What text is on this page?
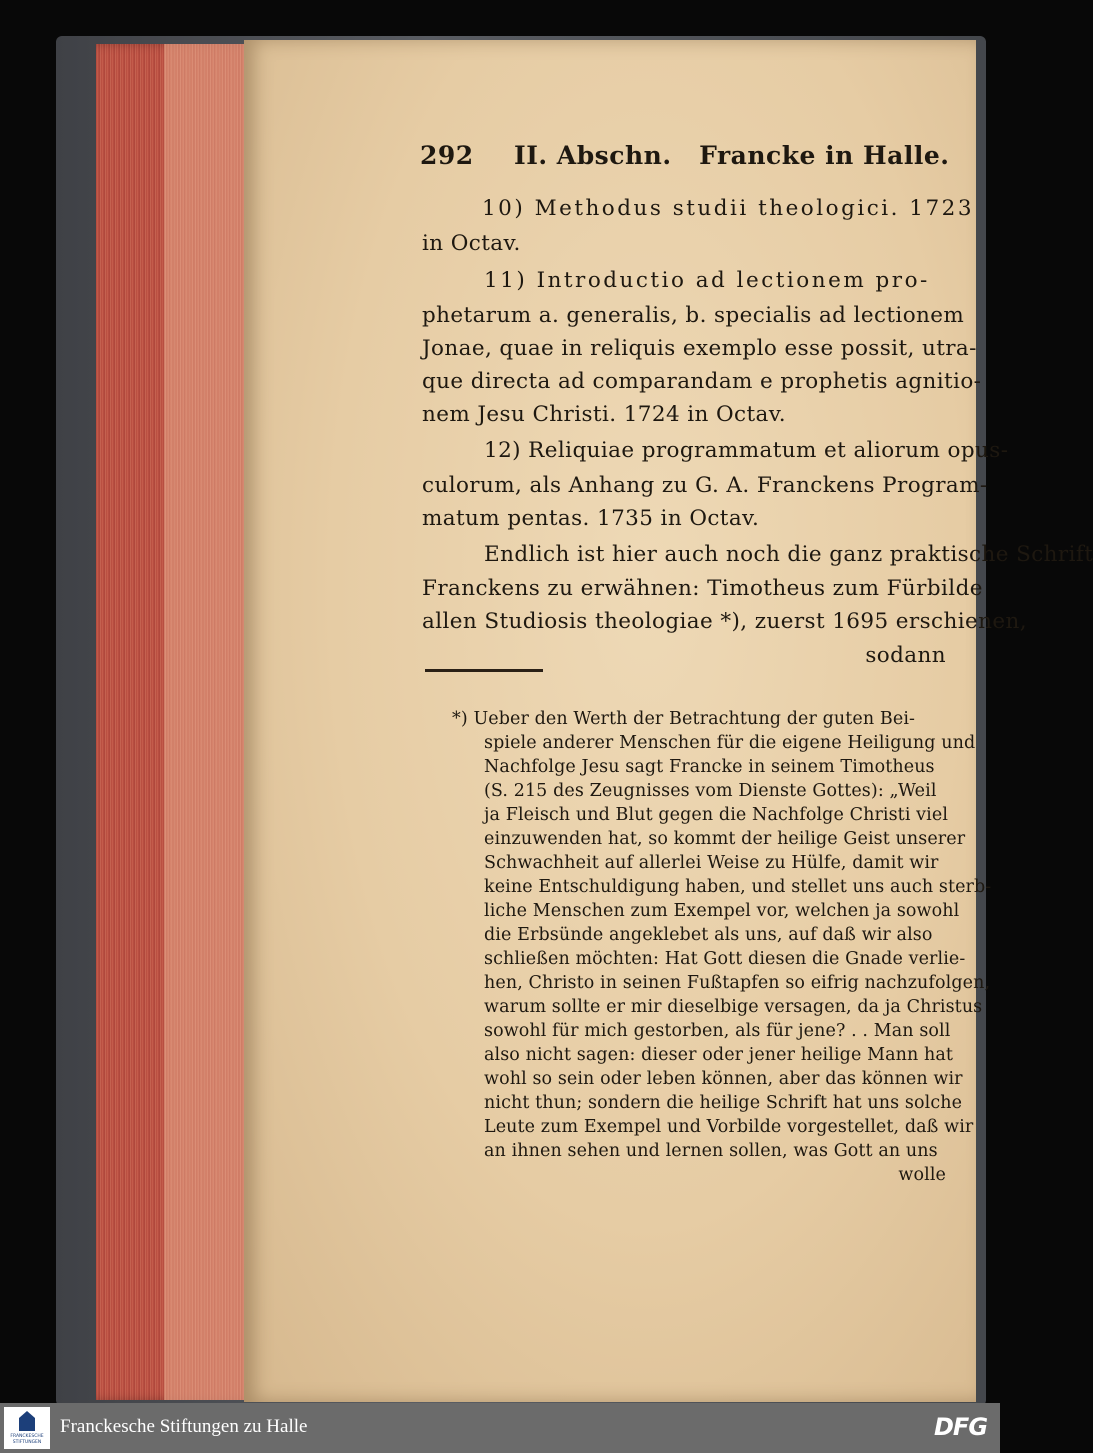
292 II. Abschn.   Francke in Halle.
10) Methodus studii theologici. 1723
in Octav.
11) Introductio ad lectionem pro-
phetarum a. generalis, b. specialis ad lectionem
Jonae, quae in reliquis exemplo esse possit, utra-
que directa ad comparandam e prophetis agnitio-
nem Jesu Christi. 1724 in Octav.
12) Reliquiae programmatum et aliorum opus-
culorum, als Anhang zu G. A. Franckens Program-
matum pentas. 1735 in Octav.
Endlich ist hier auch noch die ganz praktische Schrift
Franckens zu erwähnen: Timotheus zum Fürbilde
allen Studiosis theologiae *), zuerst 1695 erschienen,
sodann
*) Ueber den Werth der Betrachtung der guten Bei-
spiele anderer Menschen für die eigene Heiligung und
Nachfolge Jesu sagt Francke in seinem Timotheus
(S. 215 des Zeugnisses vom Dienste Gottes): „Weil
ja Fleisch und Blut gegen die Nachfolge Christi viel
einzuwenden hat, so kommt der heilige Geist unserer
Schwachheit auf allerlei Weise zu Hülfe, damit wir
keine Entschuldigung haben, und stellet uns auch sterb-
liche Menschen zum Exempel vor, welchen ja sowohl
die Erbsünde angeklebet als uns, auf daß wir also
schließen möchten: Hat Gott diesen die Gnade verlie-
hen, Christo in seinen Fußtapfen so eifrig nachzufolgen,
warum sollte er mir dieselbige versagen, da ja Christus
sowohl für mich gestorben, als für jene? . . Man soll
also nicht sagen: dieser oder jener heilige Mann hat
wohl so sein oder leben können, aber das können wir
nicht thun; sondern die heilige Schrift hat uns solche
Leute zum Exempel und Vorbilde vorgestellet, daß wir
an ihnen sehen und lernen sollen, was Gott an uns
wolle
FRANCKESCHE STIFTUNGEN
Franckesche Stiftungen zu Halle	DFG
